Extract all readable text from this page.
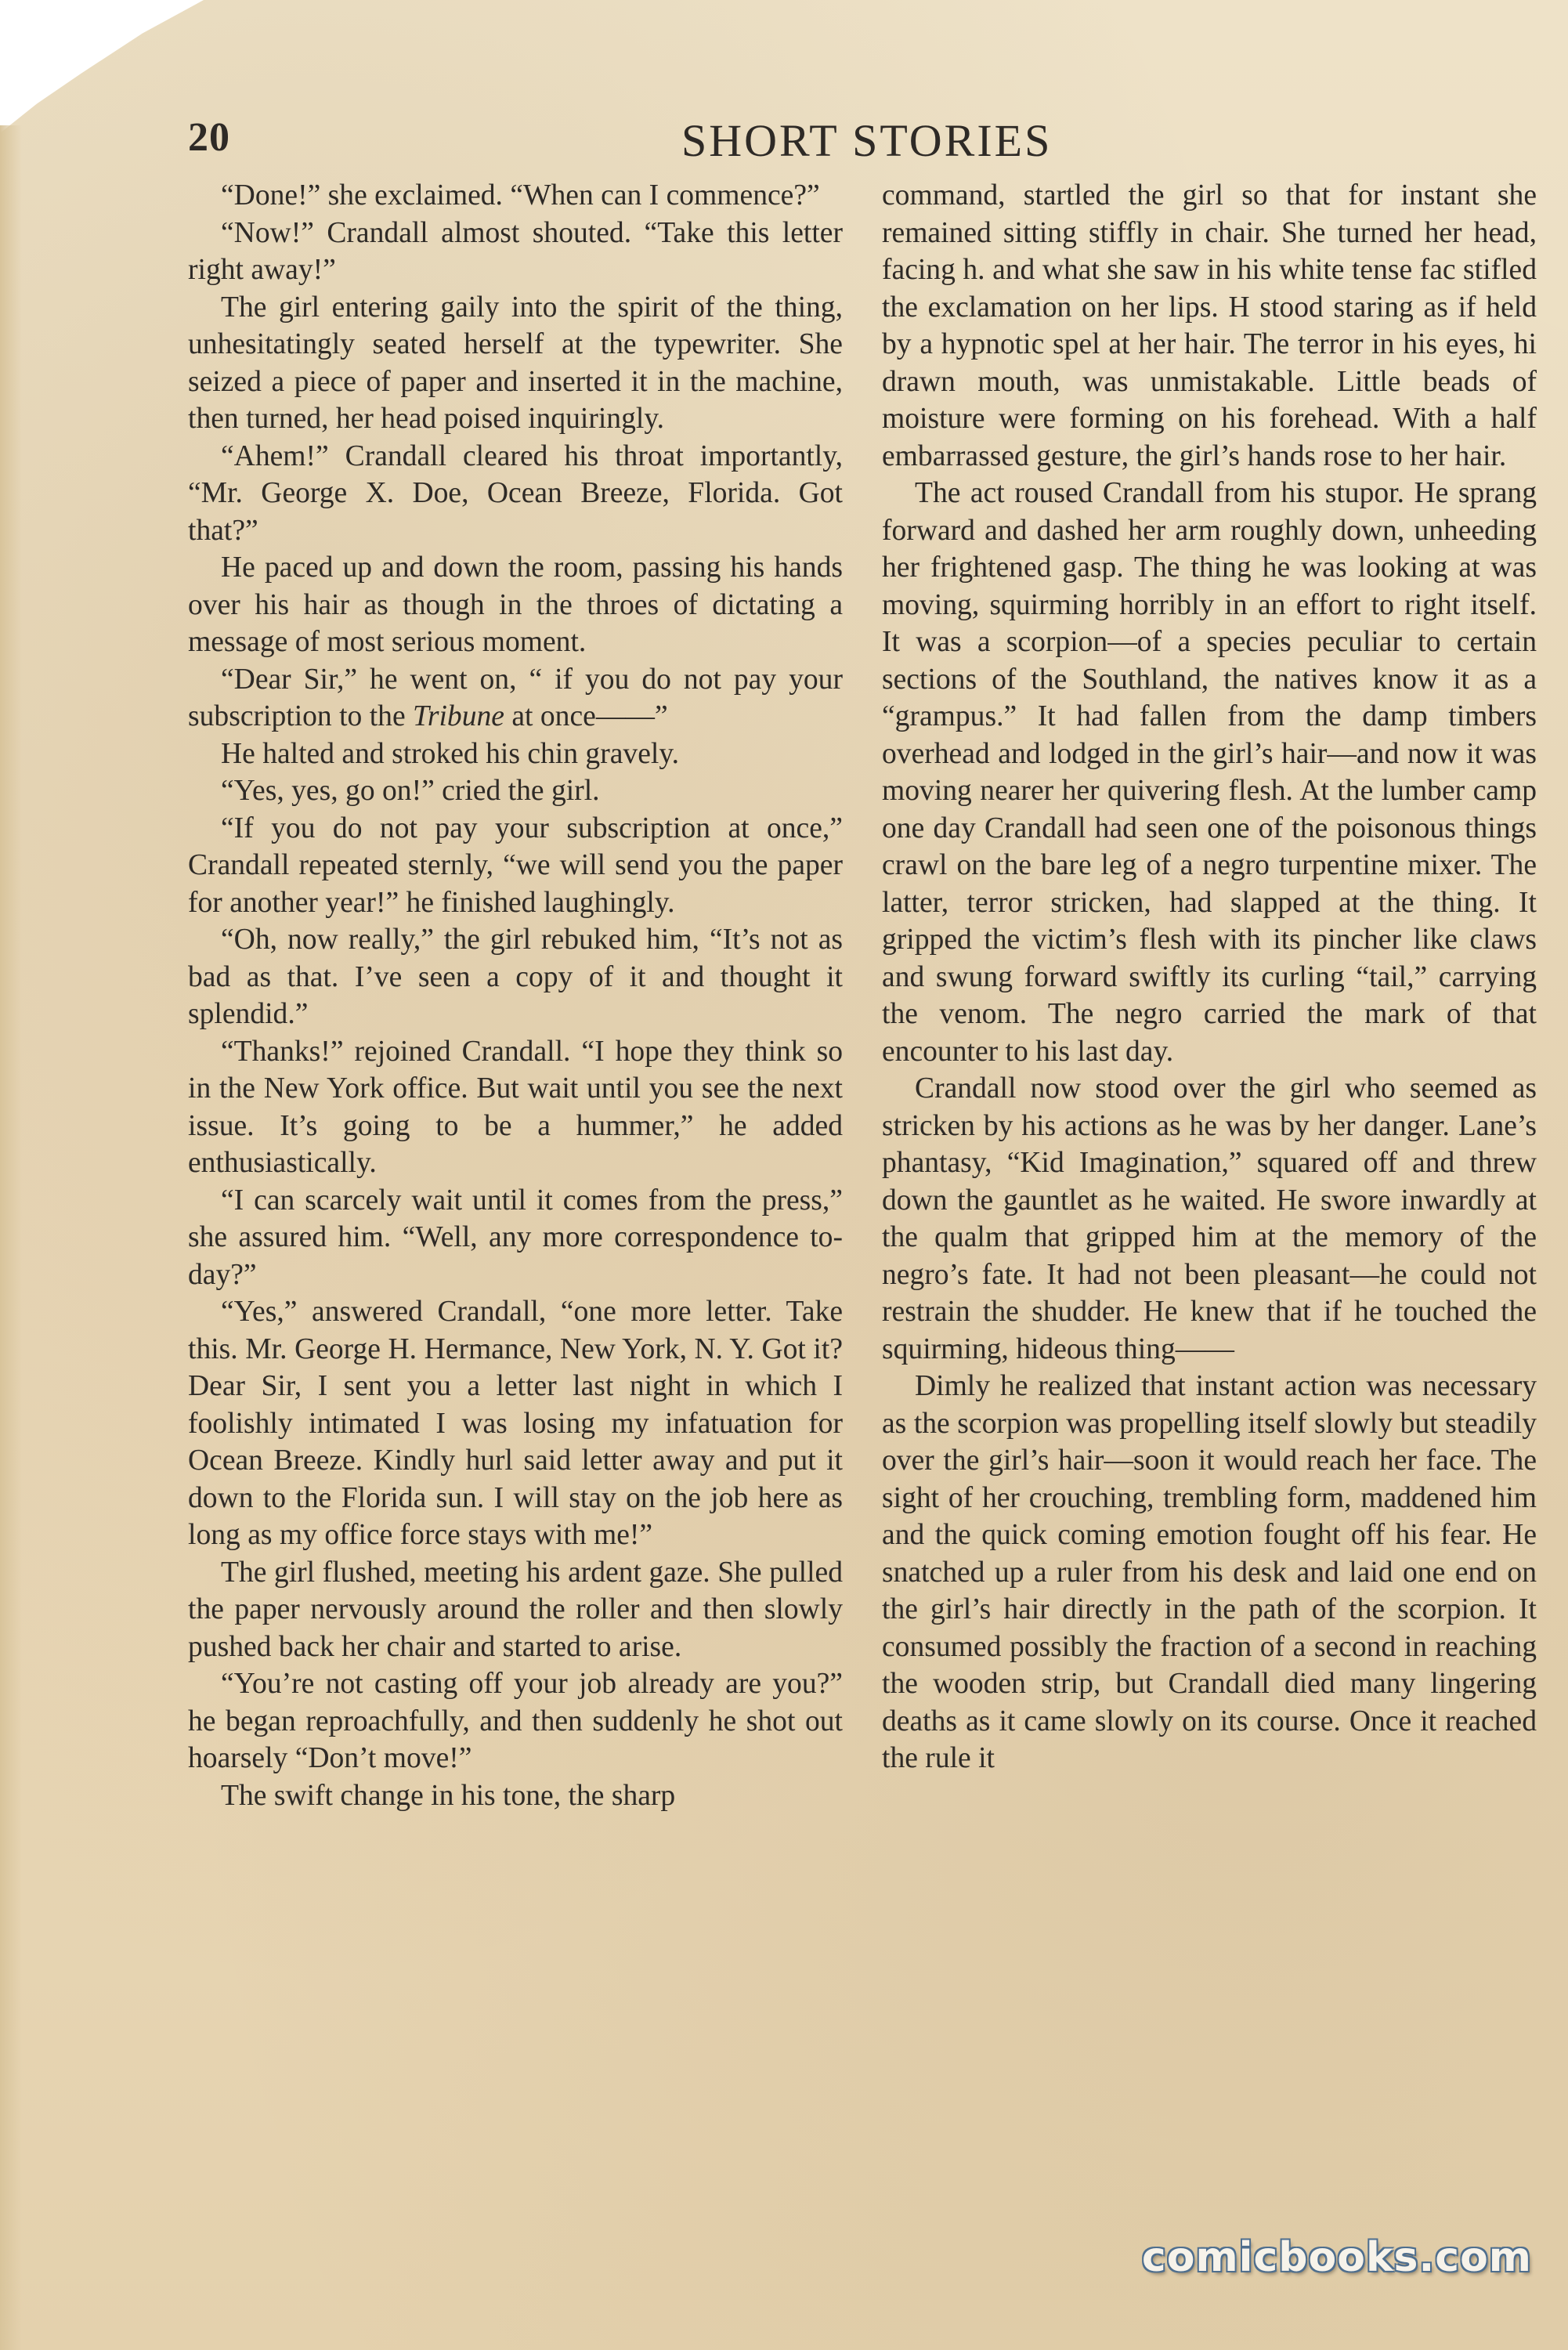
20	SHORT STORIES

“Done!” she exclaimed. “When can I commence?”

“Now!” Crandall almost shouted. “Take this letter right away!”

The girl entering gaily into the spirit of the thing, unhesitatingly seated herself at the typewriter. She seized a piece of paper and inserted it in the machine, then turned, her head poised inquiringly.

“Ahem!” Crandall cleared his throat importantly, “Mr. George X. Doe, Ocean Breeze, Florida. Got that?”

He paced up and down the room, passing his hands over his hair as though in the throes of dictating a message of most serious moment.

“Dear Sir,” he went on, “ if you do not pay your subscription to the Tribune at once——”

He halted and stroked his chin gravely.

“Yes, yes, go on!” cried the girl.

“If you do not pay your subscription at once,” Crandall repeated sternly, “we will send you the paper for another year!” he finished laughingly.

“Oh, now really,” the girl rebuked him, “It’s not as bad as that. I’ve seen a copy of it and thought it splendid.”

“Thanks!” rejoined Crandall. “I hope they think so in the New York office. But wait until you see the next issue. It’s going to be a hummer,” he added enthusiastically.

“I can scarcely wait until it comes from the press,” she assured him. “Well, any more correspondence to-day?”

“Yes,” answered Crandall, “one more letter. Take this. Mr. George H. Hermance, New York, N. Y. Got it? Dear Sir, I sent you a letter last night in which I foolishly intimated I was losing my infatuation for Ocean Breeze. Kindly hurl said letter away and put it down to the Florida sun. I will stay on the job here as long as my office force stays with me!”

The girl flushed, meeting his ardent gaze. She pulled the paper nervously around the roller and then slowly pushed back her chair and started to arise.

“You’re not casting off your job already are you?” he began reproachfully, and then suddenly he shot out hoarsely “Don’t move!”

The swift change in his tone, the sharp

command, startled the girl so that for instant she remained sitting stiffly in chair. She turned her head, facing h. and what she saw in his white tense fac stifled the exclamation on her lips. H stood staring as if held by a hypnotic spel at her hair. The terror in his eyes, hi drawn mouth, was unmistakable. Little beads of moisture were forming on his forehead. With a half embarrassed gesture, the girl’s hands rose to her hair.

The act roused Crandall from his stupor. He sprang forward and dashed her arm roughly down, unheeding her frightened gasp. The thing he was looking at was moving, squirming horribly in an effort to right itself. It was a scorpion—of a species peculiar to certain sections of the Southland, the natives know it as a “grampus.” It had fallen from the damp timbers overhead and lodged in the girl’s hair—and now it was moving nearer her quivering flesh. At the lumber camp one day Crandall had seen one of the poisonous things crawl on the bare leg of a negro turpentine mixer. The latter, terror stricken, had slapped at the thing. It gripped the victim’s flesh with its pincher like claws and swung forward swiftly its curling “tail,” carrying the venom. The negro carried the mark of that encounter to his last day.

Crandall now stood over the girl who seemed as stricken by his actions as he was by her danger. Lane’s phantasy, “Kid Imagination,” squared off and threw down the gauntlet as he waited. He swore inwardly at the qualm that gripped him at the memory of the negro’s fate. It had not been pleasant—he could not restrain the shudder. He knew that if he touched the squirming, hideous thing——

Dimly he realized that instant action was necessary as the scorpion was propelling itself slowly but steadily over the girl’s hair—soon it would reach her face. The sight of her crouching, trembling form, maddened him and the quick coming emotion fought off his fear. He snatched up a ruler from his desk and laid one end on the girl’s hair directly in the path of the scorpion. It consumed possibly the fraction of a second in reaching the wooden strip, but Crandall died many lingering deaths as it came slowly on its course. Once it reached the rule it

comicbooks.com
